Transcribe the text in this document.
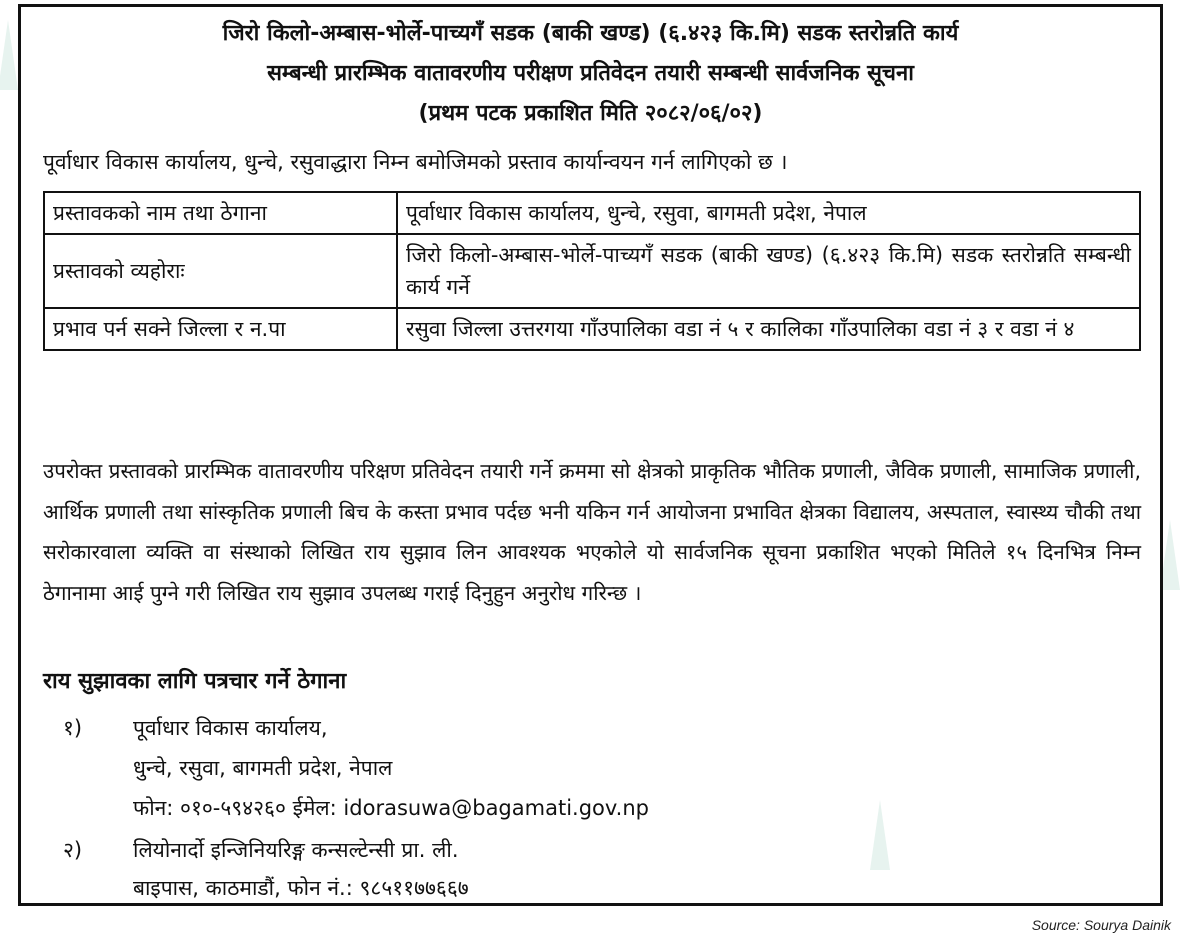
जिरो किलो-अम्बास-भोर्ले-पाच्यगँ सडक (बाकी खण्ड) (६.४२३ कि.मि) सडक स्तरोन्नति कार्य
सम्बन्धी प्रारम्भिक वातावरणीय परीक्षण प्रतिवेदन तयारी सम्बन्धी सार्वजनिक सूचना
(प्रथम पटक प्रकाशित मिति २०८२/०६/०२)
पूर्वाधार विकास कार्यालय, धुन्चे, रसुवाद्धारा निम्न बमोजिमको प्रस्ताव कार्यान्वयन गर्न लागिएको छ ।
प्रस्तावकको नाम तथा ठेगाना	पूर्वाधार विकास कार्यालय, धुन्चे, रसुवा, बागमती प्रदेश, नेपाल
प्रस्तावको व्यहोराः	जिरो किलो-अम्बास-भोर्ले-पाच्यगँ सडक (बाकी खण्ड) (६.४२३ कि.मि) सडक स्तरोन्नति सम्बन्धी कार्य गर्ने
प्रभाव पर्न सक्ने जिल्ला र न.पा	रसुवा जिल्ला उत्तरगया गाँउपालिका वडा नं ५ र कालिका गाँउपालिका वडा नं ३ र वडा नं ४
उपरोक्त प्रस्तावको प्रारम्भिक वातावरणीय परिक्षण प्रतिवेदन तयारी गर्ने क्रममा सो क्षेत्रको प्राकृतिक भौतिक प्रणाली, जैविक प्रणाली, सामाजिक प्रणाली, आर्थिक प्रणाली तथा सांस्कृतिक प्रणाली बिच के कस्ता प्रभाव पर्दछ भनी यकिन गर्न आयोजना प्रभावित क्षेत्रका विद्यालय, अस्पताल, स्वास्थ्य चौकी तथा सरोकारवाला व्यक्ति वा संस्थाको लिखित राय सुझाव लिन आवश्यक भएकोले यो सार्वजनिक सूचना प्रकाशित भएको मितिले १५ दिनभित्र निम्न ठेगानामा आई पुग्ने गरी लिखित राय सुझाव उपलब्ध गराई दिनुहुन अनुरोध गरिन्छ ।
राय सुझावका लागि पत्रचार गर्ने ठेगाना
१) पूर्वाधार विकास कार्यालय,
धुन्चे, रसुवा, बागमती प्रदेश, नेपाल
फोन: ०१०-५९४२६० ईमेल: idorasuwa@bagamati.gov.np
२) लियोनार्दो इन्जिनियरिङ्ग कन्सल्टेन्सी प्रा. ली.
बाइपास, काठमाडौं, फोन नं.: ९८५११७७६६७
Source: Sourya Dainik
